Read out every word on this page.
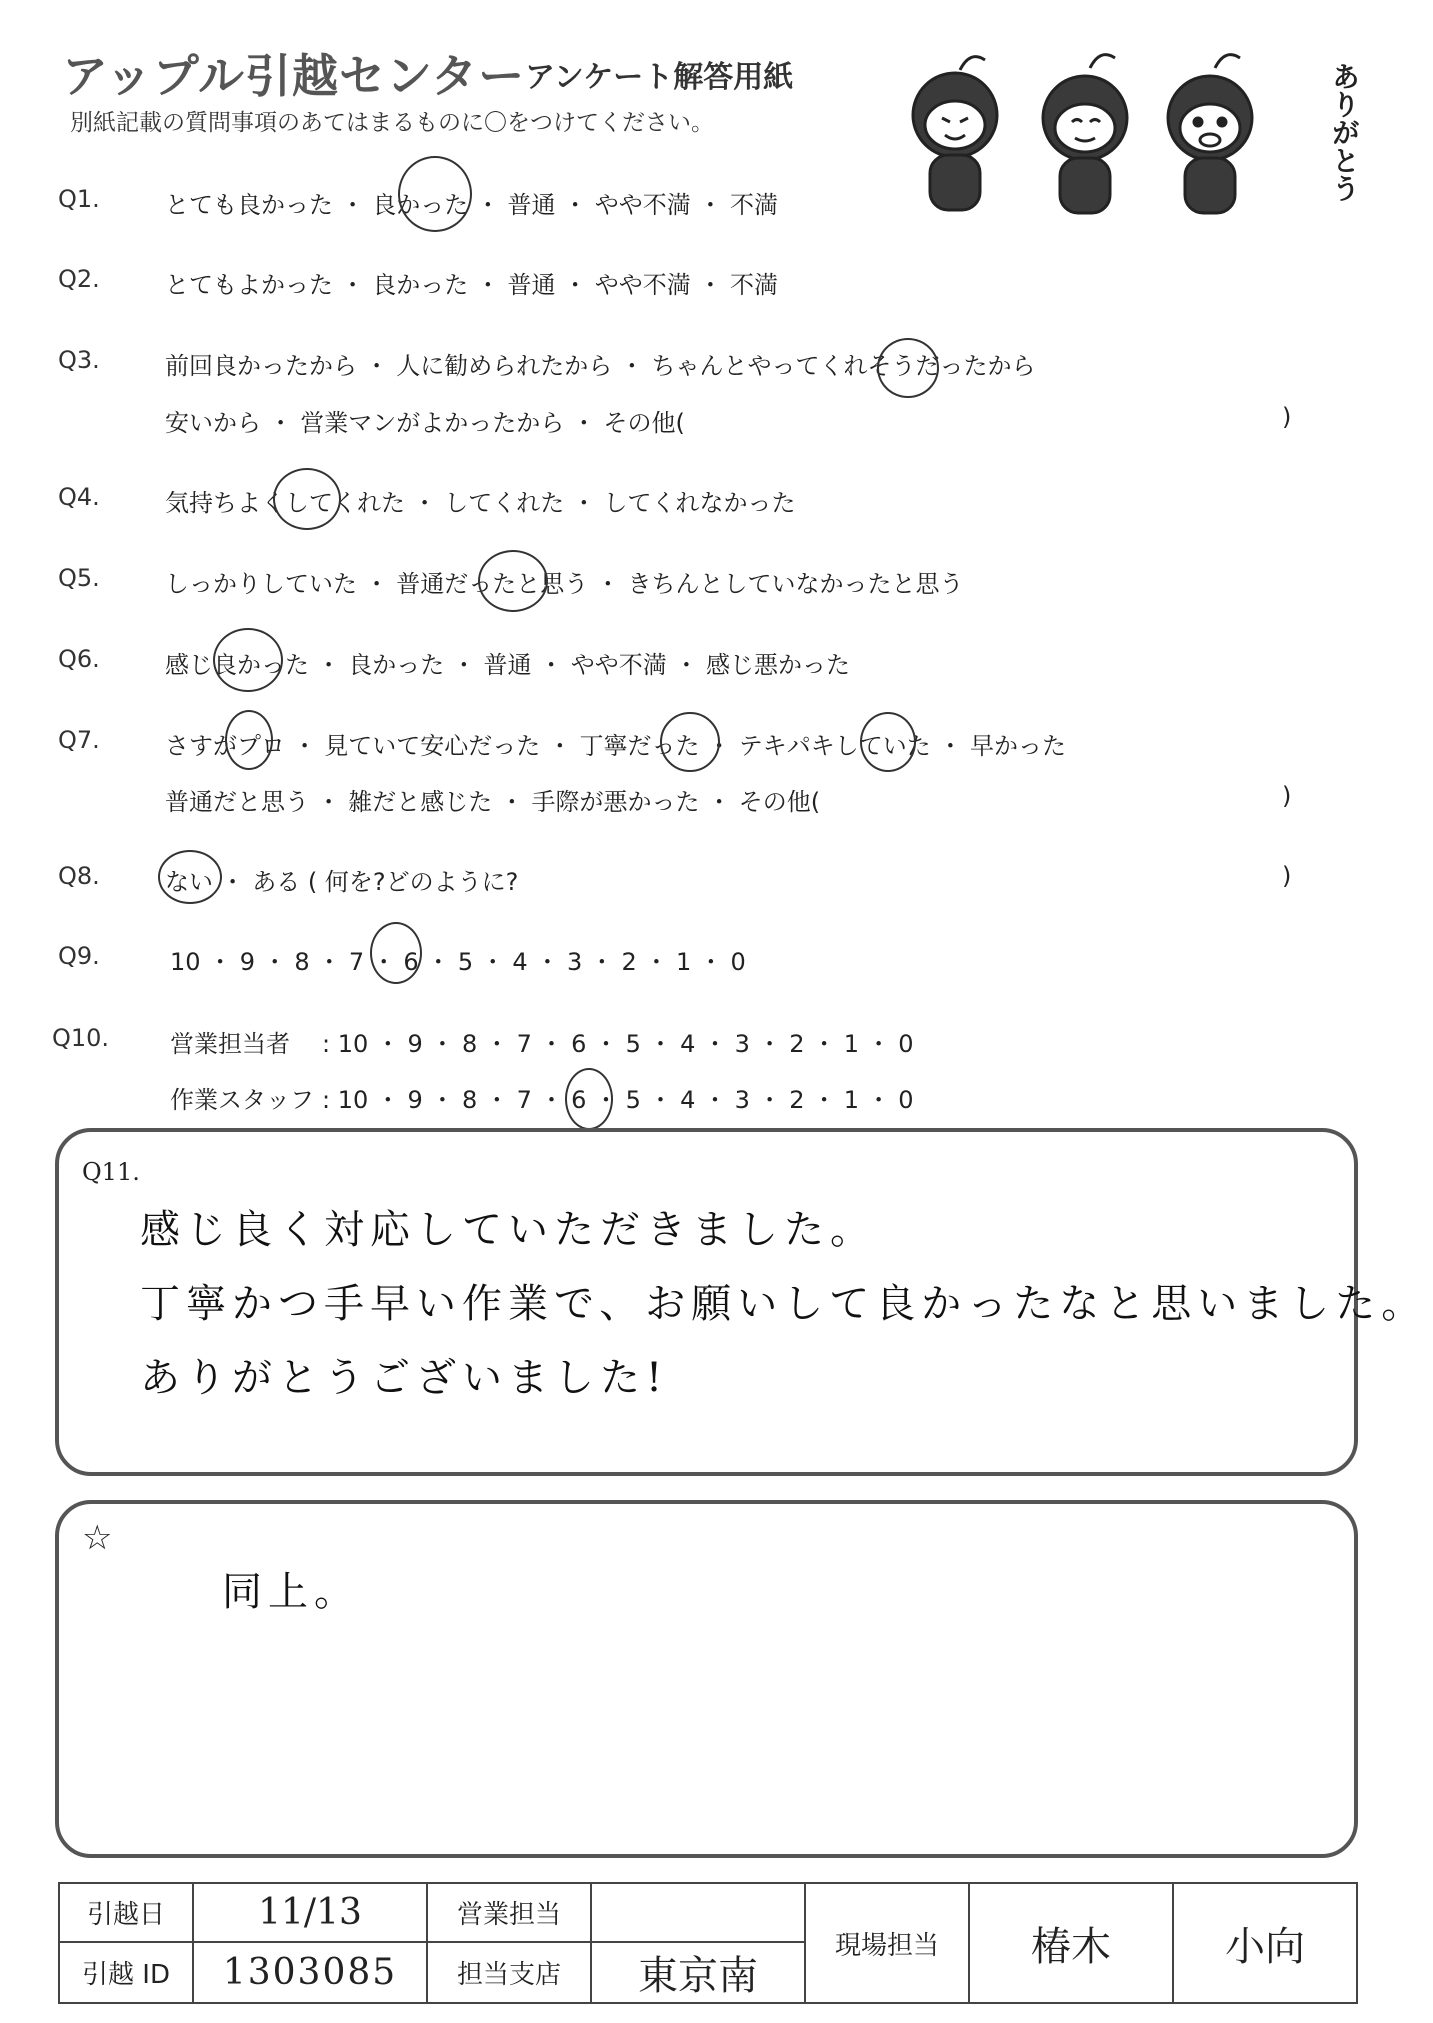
アップル引越センター アンケート解答用紙
別紙記載の質問事項のあてはまるものに〇をつけてください。	ありがとう
Q1.	とても良かった ・ 良かった ・ 普通 ・ やや不満 ・ 不満
Q2.	とてもよかった ・ 良かった ・ 普通 ・ やや不満 ・ 不満
Q3.	前回良かったから ・ 人に勧められたから ・ ちゃんとやってくれそうだったから
安いから ・ 営業マンがよかったから ・ その他(	)
Q4.	気持ちよくしてくれた ・ してくれた ・ してくれなかった
Q5.	しっかりしていた ・ 普通だったと思う ・ きちんとしていなかったと思う
Q6.	感じ良かった ・ 良かった ・ 普通 ・ やや不満 ・ 感じ悪かった
Q7.	さすがプロ ・ 見ていて安心だった ・ 丁寧だった ・ テキパキしていた ・ 早かった
普通だと思う ・ 雑だと感じた ・ 手際が悪かった ・ その他(	)
Q8.	ない ・ ある ( 何を?どのように?	)
Q9.	10 ・ 9 ・ 8 ・ 7 ・ 6 ・ 5 ・ 4 ・ 3 ・ 2 ・ 1 ・ 0
Q10.	営業担当者 : 10 ・ 9 ・ 8 ・ 7 ・ 6 ・ 5 ・ 4 ・ 3 ・ 2 ・ 1 ・ 0
作業スタッフ : 10 ・ 9 ・ 8 ・ 7 ・ 6 ・ 5 ・ 4 ・ 3 ・ 2 ・ 1 ・ 0
Q11.
感じ良く対応していただきました。
丁寧かつ手早い作業で、お願いして良かったなと思いました。
ありがとうございました!
☆
同上。
引越日	11/13	営業担当		現場担当	椿木	小向
引越 ID	1303085	担当支店	東京南			
